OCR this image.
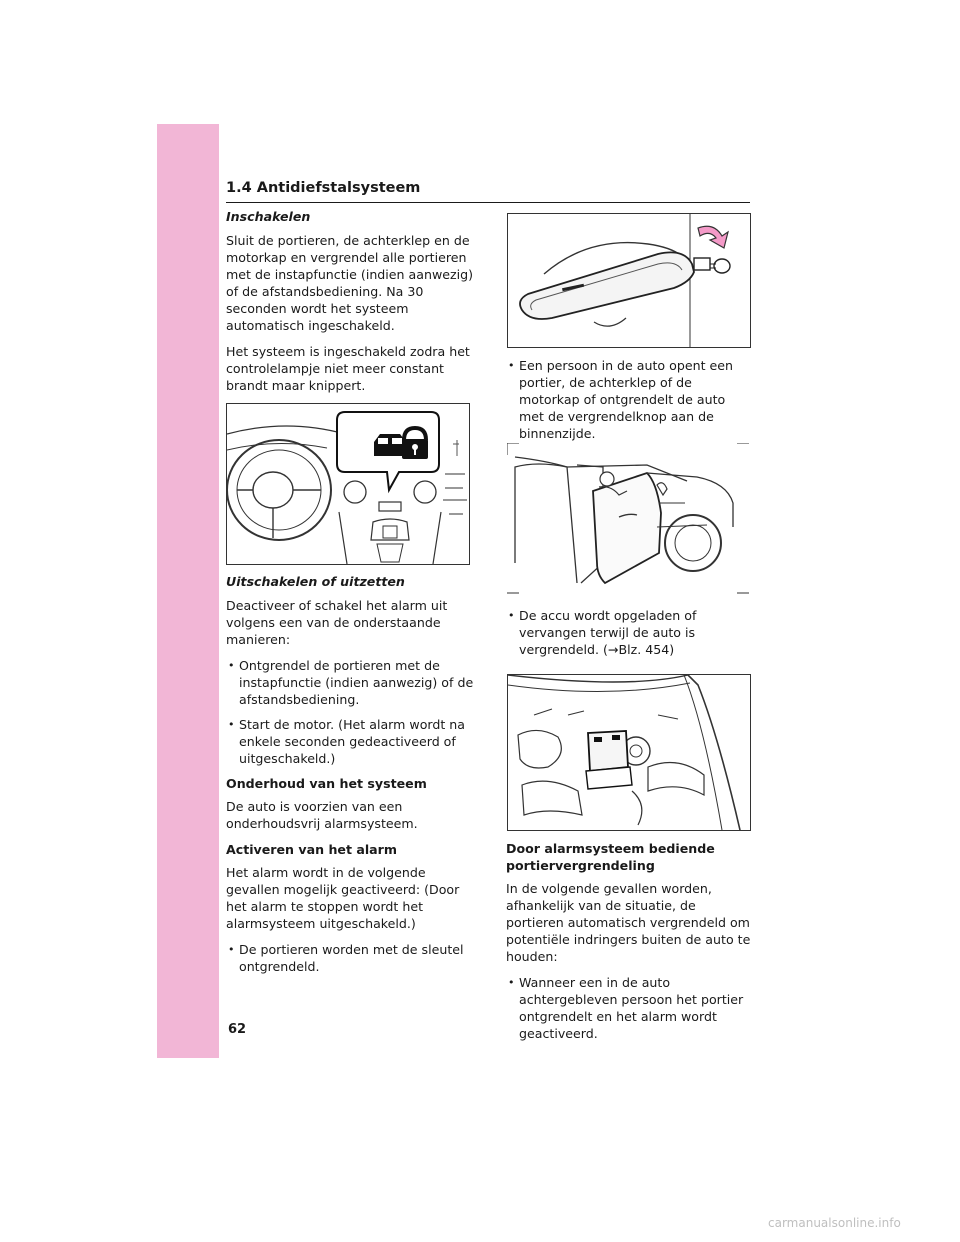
1.4 Antidiefstalsysteem

Inschakelen

Sluit de portieren, de achterklep en de motorkap en vergrendel alle portieren met de instapfunctie (indien aanwezig) of de afstandsbediening. Na 30 seconden wordt het systeem automatisch ingeschakeld.

Het systeem is ingeschakeld zodra het controlelampje niet meer constant brandt maar knippert.

Uitschakelen of uitzetten

Deactiveer of schakel het alarm uit volgens een van de onderstaande manieren:

• Ontgrendel de portieren met de instapfunctie (indien aanwezig) of de afstandsbediening.

• Start de motor. (Het alarm wordt na enkele seconden gedeactiveerd of uitgeschakeld.)

Onderhoud van het systeem

De auto is voorzien van een onderhoudsvrij alarmsysteem.

Activeren van het alarm

Het alarm wordt in de volgende gevallen mogelijk geactiveerd: (Door het alarm te stoppen wordt het alarmsysteem uitgeschakeld.)

• De portieren worden met de sleutel ontgrendeld.

• Een persoon in de auto opent een portier, de achterklep of de motorkap of ontgrendelt de auto met de vergrendelknop aan de binnenzijde.

• De accu wordt opgeladen of vervangen terwijl de auto is vergrendeld. (→Blz. 454)

Door alarmsysteem bediende portiervergrendeling

In de volgende gevallen worden, afhankelijk van de situatie, de portieren automatisch vergrendeld om potentiële indringers buiten de auto te houden:

• Wanneer een in de auto achtergebleven persoon het portier ontgrendelt en het alarm wordt geactiveerd.

62
carmanualsonline.info
